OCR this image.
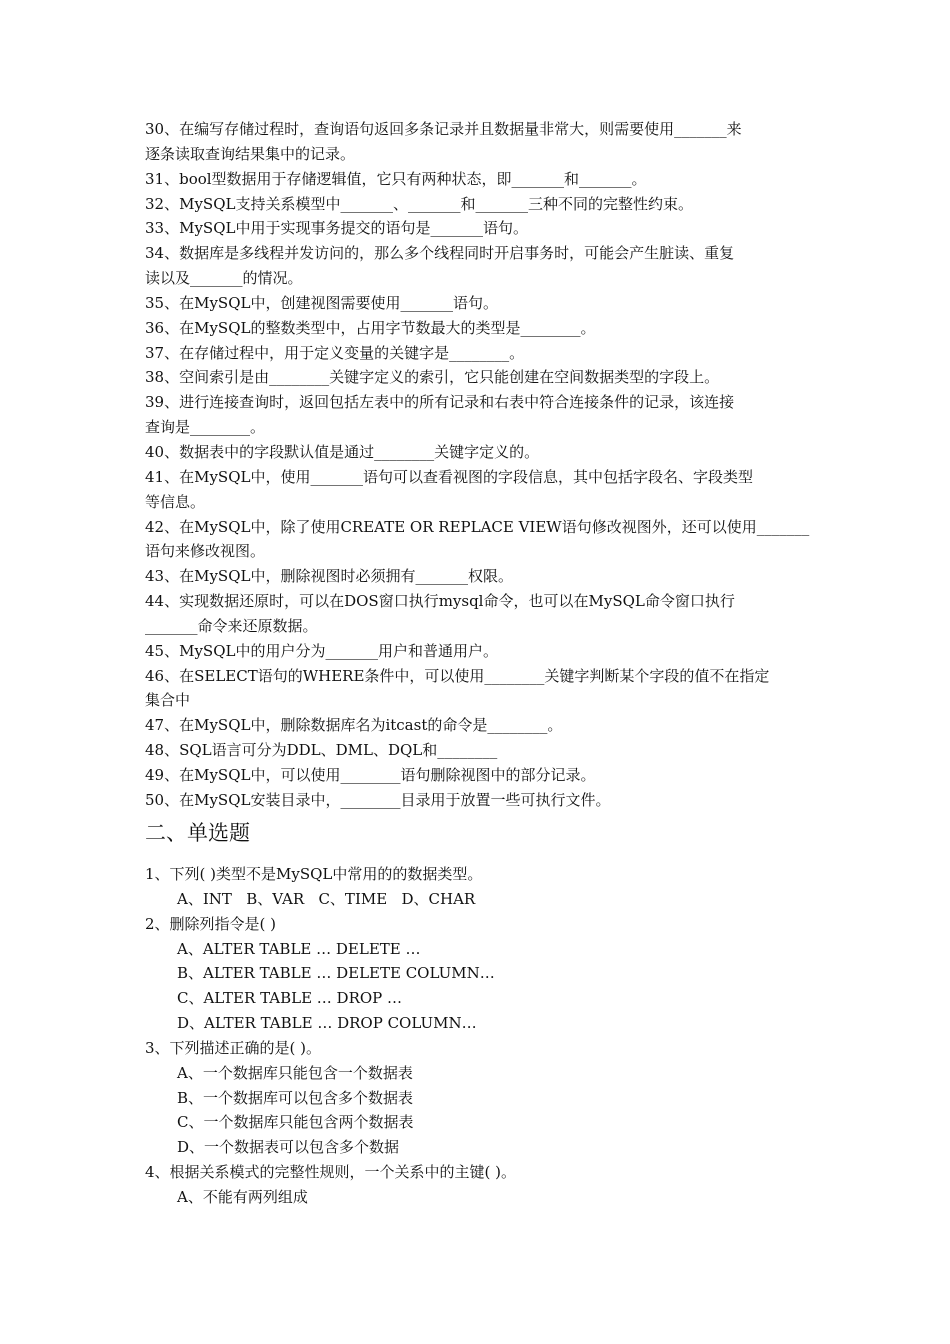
30、在编写存储过程时，查询语句返回多条记录并且数据量非常大，则需要使用_______来
逐条读取查询结果集中的记录。
31、bool型数据用于存储逻辑值，它只有两种状态，即_______和_______。
32、MySQL支持关系模型中_______、_______和_______三种不同的完整性约束。
33、MySQL中用于实现事务提交的语句是_______语句。
34、数据库是多线程并发访问的，那么多个线程同时开启事务时，可能会产生脏读、重复
读以及_______的情况。
35、在MySQL中，创建视图需要使用_______语句。
36、在MySQL的整数类型中，占用字节数最大的类型是________。
37、在存储过程中，用于定义变量的关键字是________。
38、空间索引是由________关键字定义的索引，它只能创建在空间数据类型的字段上。
39、进行连接查询时，返回包括左表中的所有记录和右表中符合连接条件的记录，该连接
查询是________。
40、数据表中的字段默认值是通过________关键字定义的。
41、在MySQL中，使用_______语句可以查看视图的字段信息，其中包括字段名、字段类型
等信息。
42、在MySQL中，除了使用CREATE OR REPLACE VIEW语句修改视图外，还可以使用_______
语句来修改视图。
43、在MySQL中，删除视图时必须拥有_______权限。
44、实现数据还原时，可以在DOS窗口执行mysql命令，也可以在MySQL命令窗口执行
_______命令来还原数据。
45、MySQL中的用户分为_______用户和普通用户。
46、在SELECT语句的WHERE条件中，可以使用________关键字判断某个字段的值不在指定
集合中
47、在MySQL中，删除数据库名为itcast的命令是________。
48、SQL语言可分为DDL、DML、DQL和________
49、在MySQL中，可以使用________语句删除视图中的部分记录。
50、在MySQL安装目录中，________目录用于放置一些可执行文件。
二、单选题
1、下列( )类型不是MySQL中常用的的数据类型。
A、INT   B、VAR   C、TIME   D、CHAR
2、删除列指令是( )
A、ALTER TABLE … DELETE …
B、ALTER TABLE … DELETE COLUMN…
C、ALTER TABLE … DROP …
D、ALTER TABLE … DROP COLUMN…
3、下列描述正确的是( )。
A、一个数据库只能包含一个数据表
B、一个数据库可以包含多个数据表
C、一个数据库只能包含两个数据表
D、一个数据表可以包含多个数据
4、根据关系模式的完整性规则，一个关系中的主键( )。
A、不能有两列组成
